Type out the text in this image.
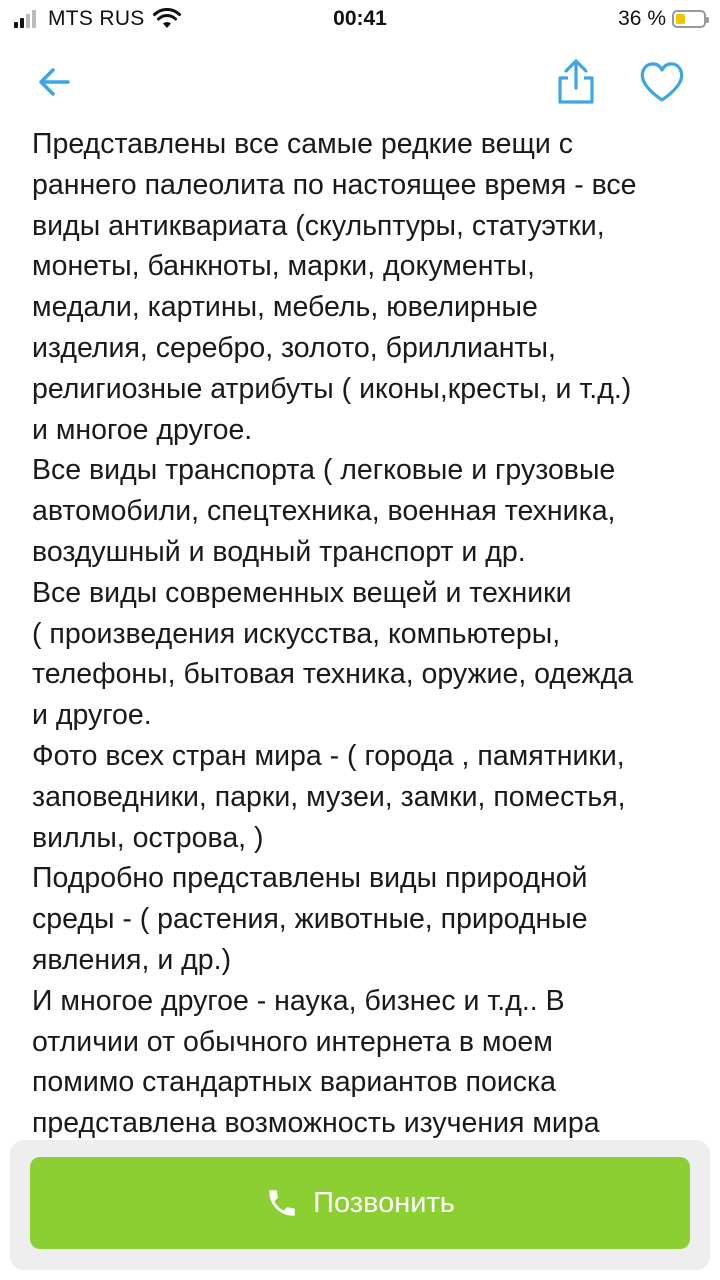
MTS RUS	00:41	36 %

Представлены все самые редкие вещи с

раннего палеолита по настоящее время - все

виды антиквариата (скульптуры, статуэтки,

монеты, банкноты, марки, документы,

медали, картины, мебель, ювелирные

изделия, серебро, золото, бриллианты,

религиозные атрибуты ( иконы,кресты, и т.д.)

и многое другое.

Все виды транспорта ( легковые и грузовые

автомобили, спецтехника, военная техника,

воздушный и водный транспорт и др.

Все виды современных вещей и техники

( произведения искусства, компьютеры,

телефоны, бытовая техника, оружие, одежда

и другое.

Фото всех стран мира - ( города , памятники,

заповедники, парки, музеи, замки, поместья,

виллы, острова, )

Подробно представлены виды природной

среды - ( растения, животные, природные

явления, и др.)

И многое другое - наука, бизнес и т.д.. В

отличии от обычного интернета в моем

помимо стандартных вариантов поиска

представлена возможность изучения мира

Позвонить
